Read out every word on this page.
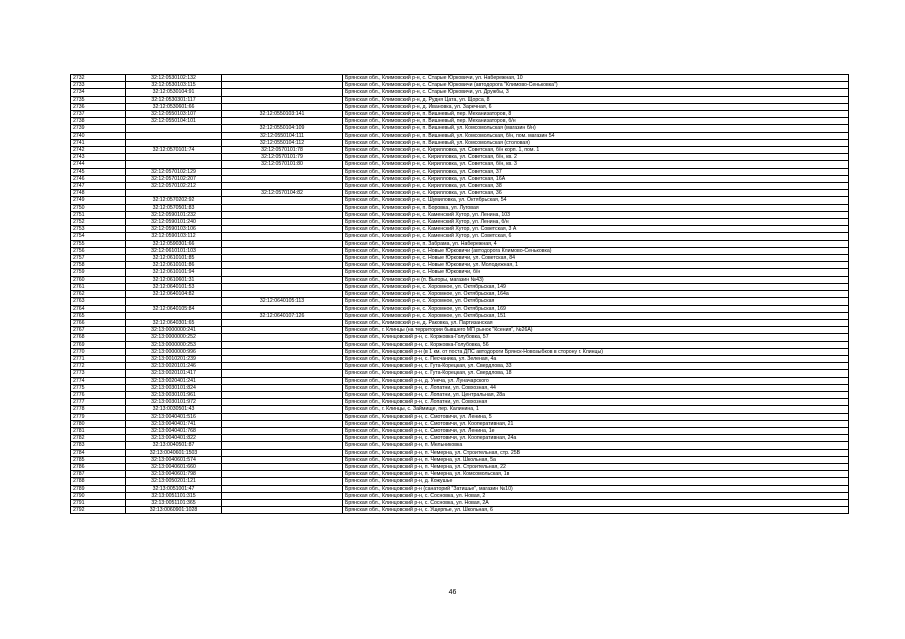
2732	32:12:0530102:132		Брянская обл., Климовский р-н, с. Старые Юрковичи, ул. Набережная, 10
2733	32:12:0530103:115		Брянская обл., Климовский р-н, с. Старые Юрковичи (автодорога "Климово-Сеньковка")
2734	32:12:0530104:91		Брянская обл., Климовский р-н, с. Старые Юрковичи, ул. Дружбы, 3
2735	32:12:0530301:117		Брянская обл., Климовский р-н, д. Рудня Цата, ул. Щорса, 8
2736	32:12:0530601:66		Брянская обл., Климовский р-н, д. Ивановка, ул. Заречная, 6
2737	32:12:0550103:107	32:12:0550103:141	Брянская обл., Климовский р-н, п. Вишневый, пер. Механизаторов, 8
2738	32:12:0550104:101		Брянская обл., Климовский р-н, п. Вишневый, пер. Механизаторов, б/н
2739		32:12:0550104:109	Брянская обл., Климовский р-н, п. Вишневый, ул. Комсомольская (магазин б/н)
2740		32:12:0550104:111	Брянская обл., Климовский р-н, п. Вишневый, ул. Комсомольская, б/н, пом. магазин 54
2741		32:12:0550104:112	Брянская обл., Климовский р-н, п. Вишневый, ул. Комсомольская (столовая)
2742	32:12:0570101:74	32:12:0570101:78	Брянская обл., Климовский р-н, с. Кирилловка, ул. Советская, б/н корп. 1, пом. 1
2743		32:12:0570101:79	Брянская обл., Климовский р-н, с. Кирилловка, ул. Советская, б/н, кв. 2
2744		32:12:0570101:80	Брянская обл., Климовский р-н, с. Кирилловка, ул. Советская, б/н, кв. 3
2745	32:12:0570102:129		Брянская обл., Климовский р-н, с. Кирилловка, ул. Советская, 37
2746	32:12:0570102:207		Брянская обл., Климовский р-н, с. Кирилловка, ул. Советская, 16А
2747	32:12:0570102:212		Брянская обл., Климовский р-н, с. Кирилловка, ул. Советская, 38
2748		32:12:0570104:82	Брянская обл., Климовский р-н, с. Кирилловка, ул. Советская, 36
2749	32:12:0570202:92		Брянская обл., Климовский р-н, с. Шумиловка, ул. Октябрьская, 54
2750	32:12:0570501:83		Брянская обл., Климовский р-н, п. Боровка, ул. Луговая
2751	32:12:0590101:232		Брянская обл., Климовский р-н, с. Каменский Хутор, ул. Ленина, 103
2752	32:12:0590101:240		Брянская обл., Климовский р-н, с. Каменский Хутор, ул. Ленина, б/н
2753	32:12:0590103:106		Брянская обл., Климовский р-н, с. Каменский Хутор, ул. Советская, 3 А
2754	32:12:0590103:112		Брянская обл., Климовский р-н, с. Каменский Хутор, ул. Советская, 6
2755	32:12:0590301:66		Брянская обл., Климовский р-н, п. Забрама, ул. Набережная, 4
2756	32:12:0610101:103		Брянская обл., Климовский р-н, с. Новые Юрковичи (автодорога Климово-Сеньковка)
2757	32:12:0610101:85		Брянская обл., Климовский р-н, с. Новые Юрковичи, ул. Советская, 84
2758	32:12:0610101:86		Брянская обл., Климовский р-н, с. Новые Юрковичи, ул. Молодежная, 1
2759	32:12:0610101:94		Брянская обл., Климовский р-н, с. Новые Юрковичи, б/н
2760	32:12:0610601:31		Брянская обл., Климовский р-н (п. Выгоры, магазин №43)
2761	32:12:0640101:53		Брянская обл., Климовский р-н, с. Хоромное, ул. Октябрьская, 149
2762	32:12:0640104:82		Брянская обл., Климовский р-н, с. Хоромное, ул. Октябрьская, 164а
2763		32:12:0640105:113	Брянская обл., Климовский р-н, с. Хоромное, ул. Октябрьская
2764	32:12:0640105:84		Брянская обл., Климовский р-н, с. Хоромное, ул. Октябрьская, 169
2765		32:12:0640107:126	Брянская обл., Климовский р-н, с. Хоромное, ул. Октябрьская, 151
2766	32:12:0640301:65		Брянская обл., Климовский р-н, д. Раковка, ул. Партизанская
2767	32:13:0000000:241		Брянская обл., г. Клинцы (на территории бывшего МП рынок "Ксения", №26А)
2768	32:13:0000000:252		Брянская обл., Клинцовский р-н, с. Коржовка-Голубовка, 57
2769	32:13:0000000:253		Брянская обл., Клинцовский р-н, с. Коржовка-Голубовка, 56
2770	32:13:0000000:996		Брянская обл., Клинцовский р-н (в 1 км. от поста ДПС автодороги Брянск-Новозыбков в сторону г. Клинцы)
2771	32:13:0010201:239		Брянская обл., Клинцовский р-н, с. Песчаника, ул. Зеленая, 4а
2772	32:13:0020101:246		Брянская обл., Клинцовский р-н, с. Гута-Корецкая, ул. Свердлова, 33
2773	32:13:0020101:417		Брянская обл., Клинцовский р-н, с. Гута-Корецкая, ул. Свердлова, 18
2774	32:13:0020401:241		Брянская обл., Клинцовский р-н, д. Унеча, ул. Луначарского
2775	32:13:0030101:824		Брянская обл., Клинцовский р-н, с. Лопатни, ул. Совхозная, 44
2776	32:13:0030101:961		Брянская обл., Клинцовский р-н, с. Лопатни, ул. Центральная, 28а
2777	32:13:0030101:972		Брянская обл., Клинцовский р-н, с. Лопатни, ул. Совхозная
2778	32:13:0030501:43		Брянская обл., г. Клинцы, с. Займище, пер. Калинина, 1
2779	32:13:0040401:516		Брянская обл., Клинцовский р-н, с. Смотовичи, ул. Ленина, 5
2780	32:13:0040401:741		Брянская обл., Клинцовский р-н, с. Смотовичи, ул. Кооперативная, 21
2781	32:13:0040401:768		Брянская обл., Клинцовский р-н, с. Смотовичи, ул. Ленина, 1е
2782	32:13:0040401:822		Брянская обл., Клинцовский р-н, с. Смотовичи, ул. Кооперативная, 24а
2783	32:13:0040501:87		Брянская обл., Клинцовский р-н, п. Мельниковка
2784	32:13:0040601:1503		Брянская обл., Клинцовский р-н, п. Чемерна, ул. Строительная, стр. 25В
2785	32:13:0040601:574		Брянская обл., Клинцовский р-н, п. Чемерна, ул. Школьная, 5а
2786	32:13:0040601:660		Брянская обл., Клинцовский р-н, п. Чемерна, ул. Строительная, 22
2787	32:13:0040601:798		Брянская обл., Клинцовский р-н, п. Чемерна, ул. Комсомольская, 1в
2788	32:13:0050201:121		Брянская обл., Клинцовский р-н, д. Кожушье
2789	32:13:0051001:47		Брянская обл., Клинцовский р-н (санаторий "Затишье", магазин №10)
2790	32:13:0051101:315		Брянская обл., Клинцовский р-н, с. Сосновка, ул. Новая, 2
2791	32:13:0051101:365		Брянская обл., Клинцовский р-н, с. Сосновка, ул. Новая, 2А
2792	32:13:0060901:1028		Брянская обл., Клинцовский р-н, с. Ущерпье, ул. Школьная, 6
46
